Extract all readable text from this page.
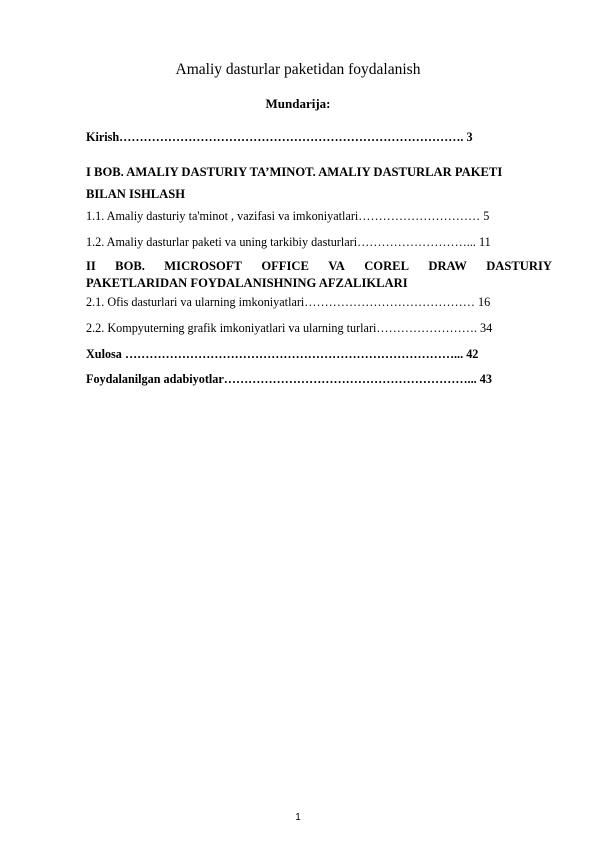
Amaliy dasturlar paketidan foydalanish
Mundarija:
Kirish…………………………………………………………………………. 3
I BOB. AMALIY DASTURIY TA’MINOT. AMALIY DASTURLAR PAKETI
BILAN ISHLASH
1.1. Amaliy dasturiy ta'minot , vazifasi va imkoniyatlari………………………… 5
1.2. Amaliy dasturlar paketi va uning tarkibiy dasturlari………………………... 11
II BOB. MICROSOFT OFFICE VA COREL DRAW DASTURIY
PAKETLARIDAN FOYDALANISHNING AFZALIKLARI
2.1. Ofis dasturlari va ularning imkoniyatlari…………………………………… 16
2.2. Kompyuterning grafik imkoniyatlari va ularning turlari……………………. 34
Xulosa ………………………………………………………………………... 42
Foydalanilgan adabiyotlar……………………………………………………... 43
1
